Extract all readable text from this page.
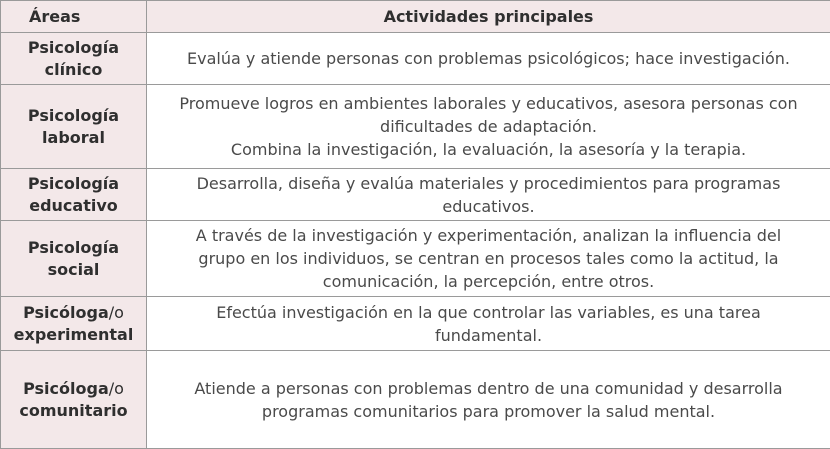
Áreas	Actividades principales

Psicología
clínico	Evalúa y atiende personas con problemas psicológicos; hace investigación.

Psicología
laboral	Promueve logros en ambientes laborales y educativos, asesora personas con
dificultades de adaptación.
Combina la investigación, la evaluación, la asesoría y la terapia.

Psicología
educativo	Desarrolla, diseña y evalúa materiales y procedimientos para programas
educativos.

Psicología
social	A través de la investigación y experimentación, analizan la influencia del
grupo en los individuos, se centran en procesos tales como la actitud, la
comunicación, la percepción, entre otros.

Psicóloga/o
experimental	Efectúa investigación en la que controlar las variables, es una tarea
fundamental.

Psicóloga/o
comunitario	Atiende a personas con problemas dentro de una comunidad y desarrolla
programas comunitarios para promover la salud mental.
